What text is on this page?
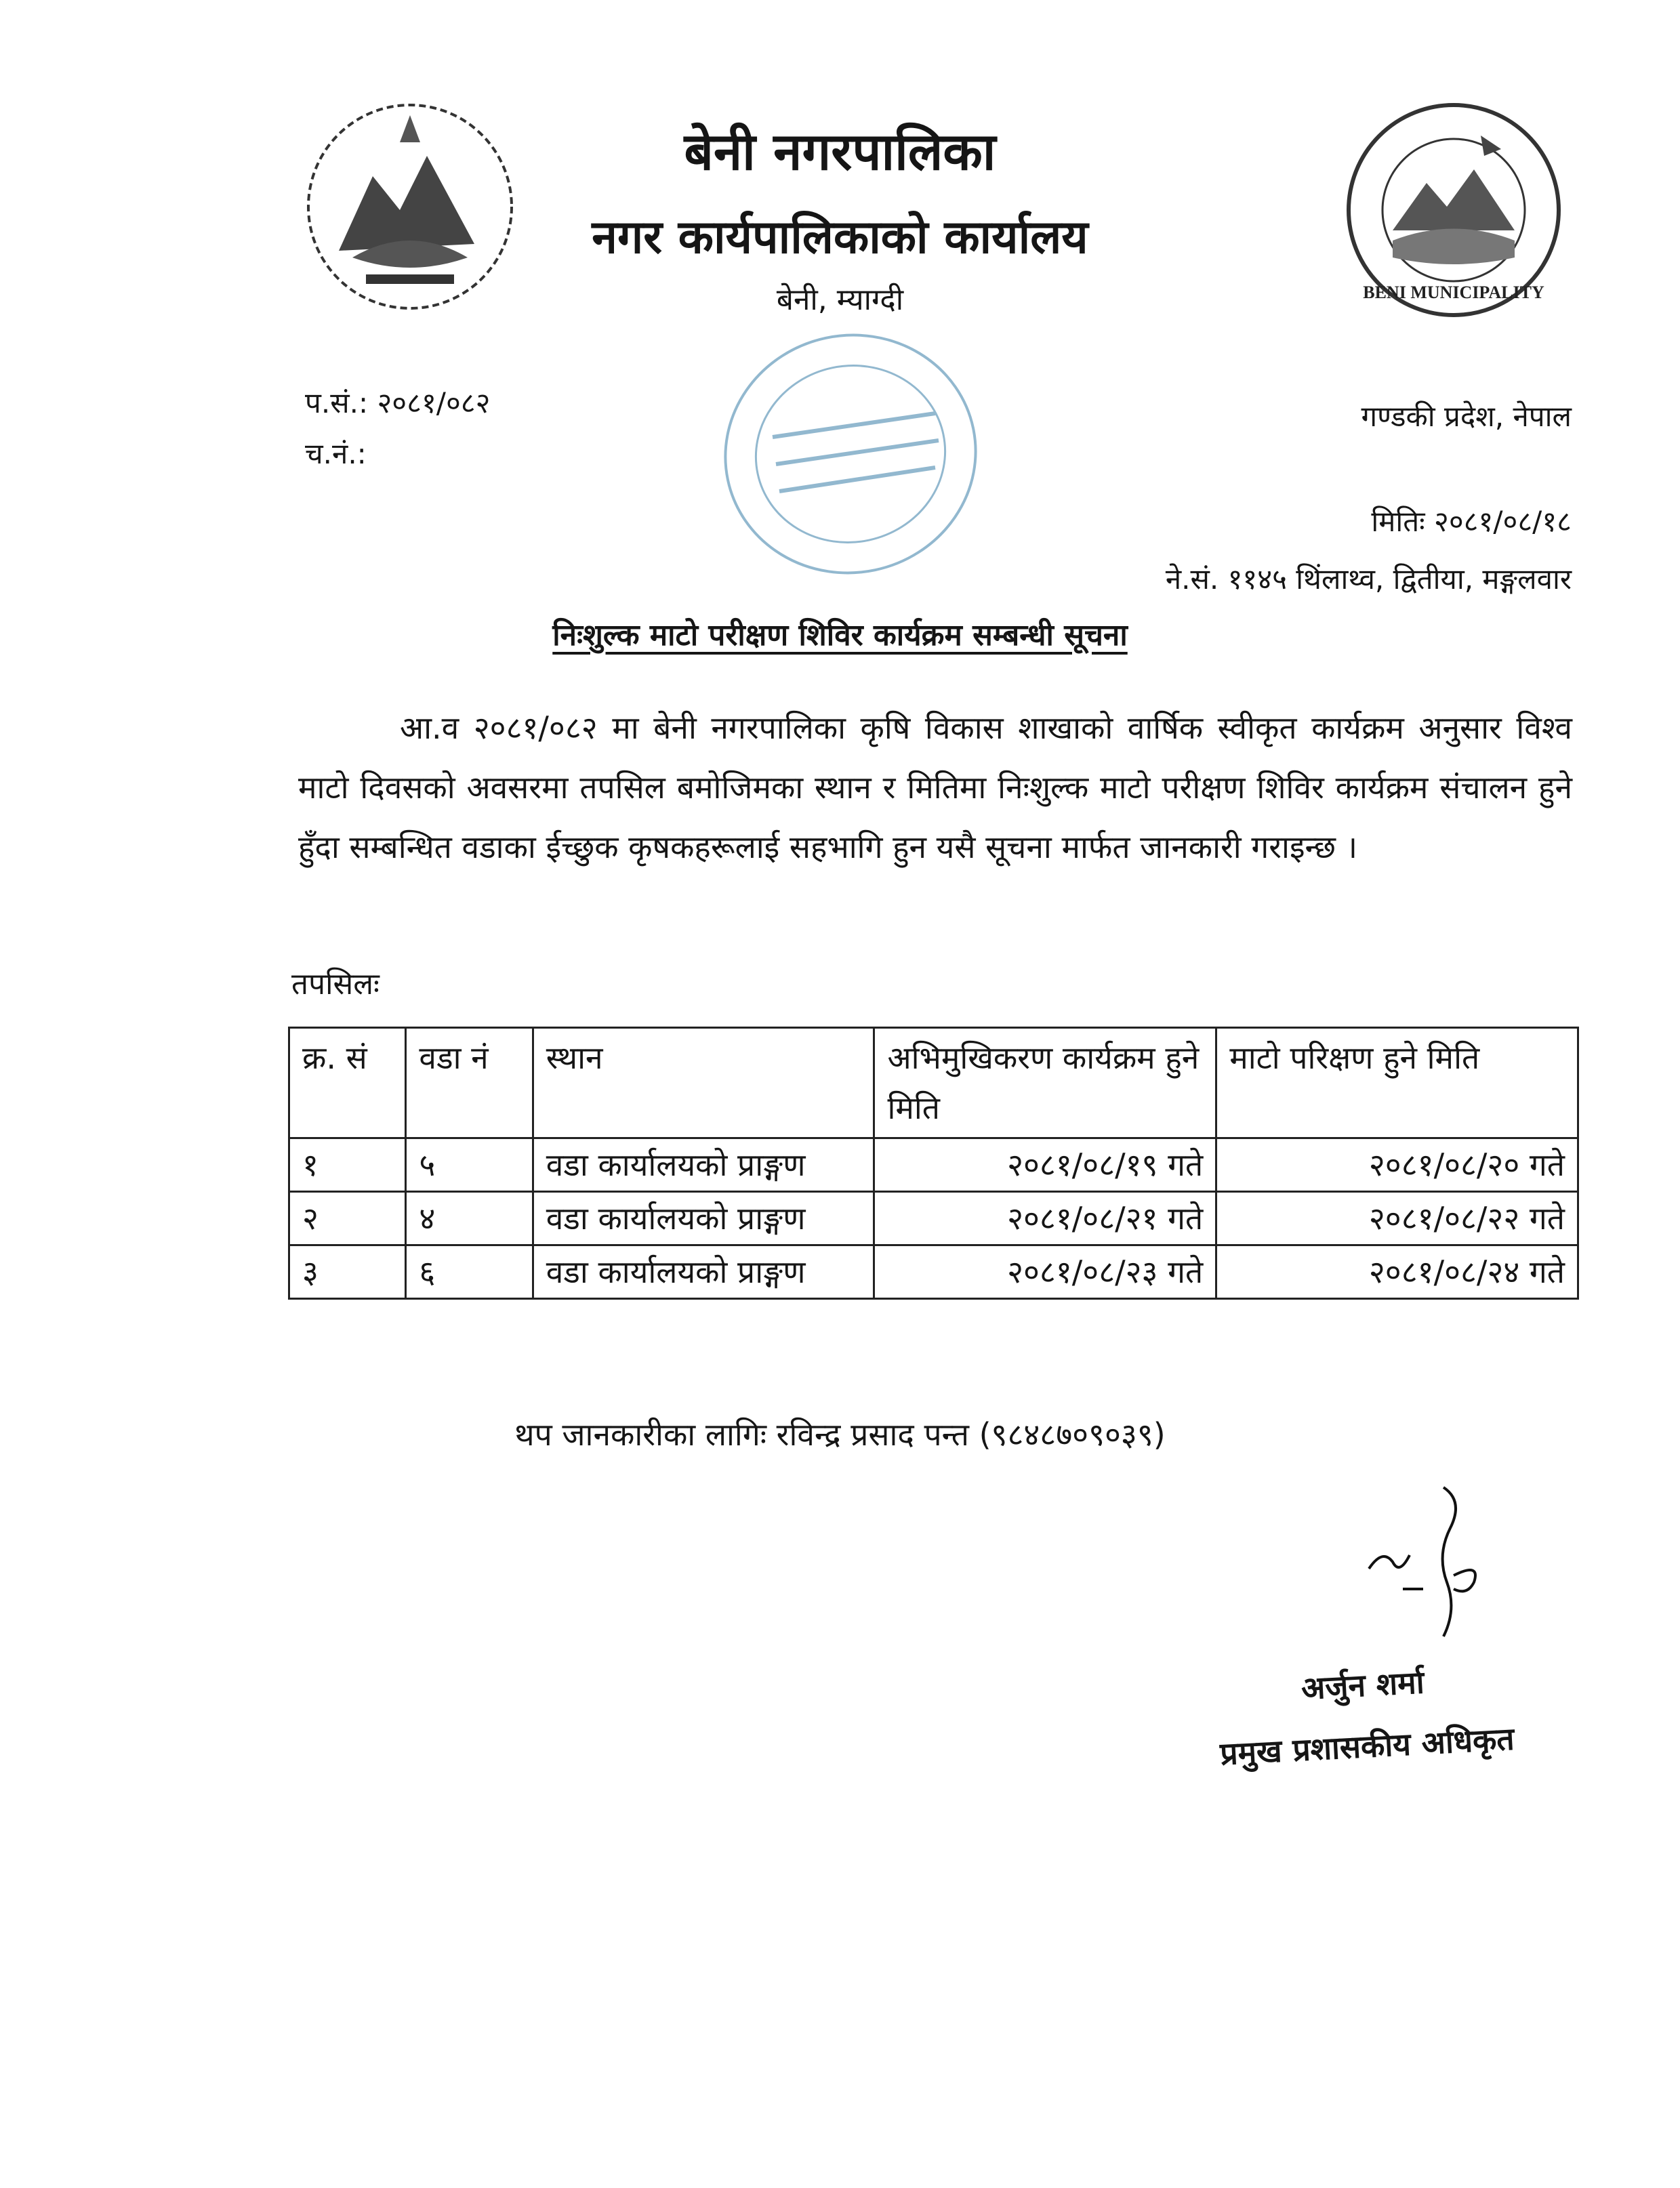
बेनी नगरपालिका
नगर कार्यपालिकाको कार्यालय
बेनी, म्याग्दी	BENI MUNICIPALITY
प.सं.: २०८१/०८२
च.नं.:
गण्डकी प्रदेश, नेपाल
मितिः २०८१/०८/१८
ने.सं. ११४५ थिंलाथ्व, द्वितीया, मङ्गलवार
निःशुल्क माटो परीक्षण शिविर कार्यक्रम सम्बन्धी सूचना
आ.व २०८१/०८२ मा बेनी नगरपालिका कृषि विकास शाखाको वार्षिक स्वीकृत कार्यक्रम अनुसार विश्व माटो दिवसको अवसरमा तपसिल बमोजिमका स्थान र मितिमा निःशुल्क माटो परीक्षण शिविर कार्यक्रम संचालन हुने हुँदा सम्बन्धित वडाका ईच्छुक कृषकहरूलाई सहभागि हुन यसै सूचना मार्फत जानकारी गराइन्छ ।
तपसिलः
क्र. सं	वडा नं	स्थान	अभिमुखिकरण कार्यक्रम हुने मिति	माटो परिक्षण हुने मिति
१	५	वडा कार्यालयको प्राङ्गण	२०८१/०८/१९ गते	२०८१/०८/२० गते
२	४	वडा कार्यालयको प्राङ्गण	२०८१/०८/२१ गते	२०८१/०८/२२ गते
३	६	वडा कार्यालयको प्राङ्गण	२०८१/०८/२३ गते	२०८१/०८/२४ गते
थप जानकारीका लागिः रविन्द्र प्रसाद पन्त (९८४८७०९०३९)
अर्जुन शर्मा
प्रमुख प्रशासकीय अधिकृत
